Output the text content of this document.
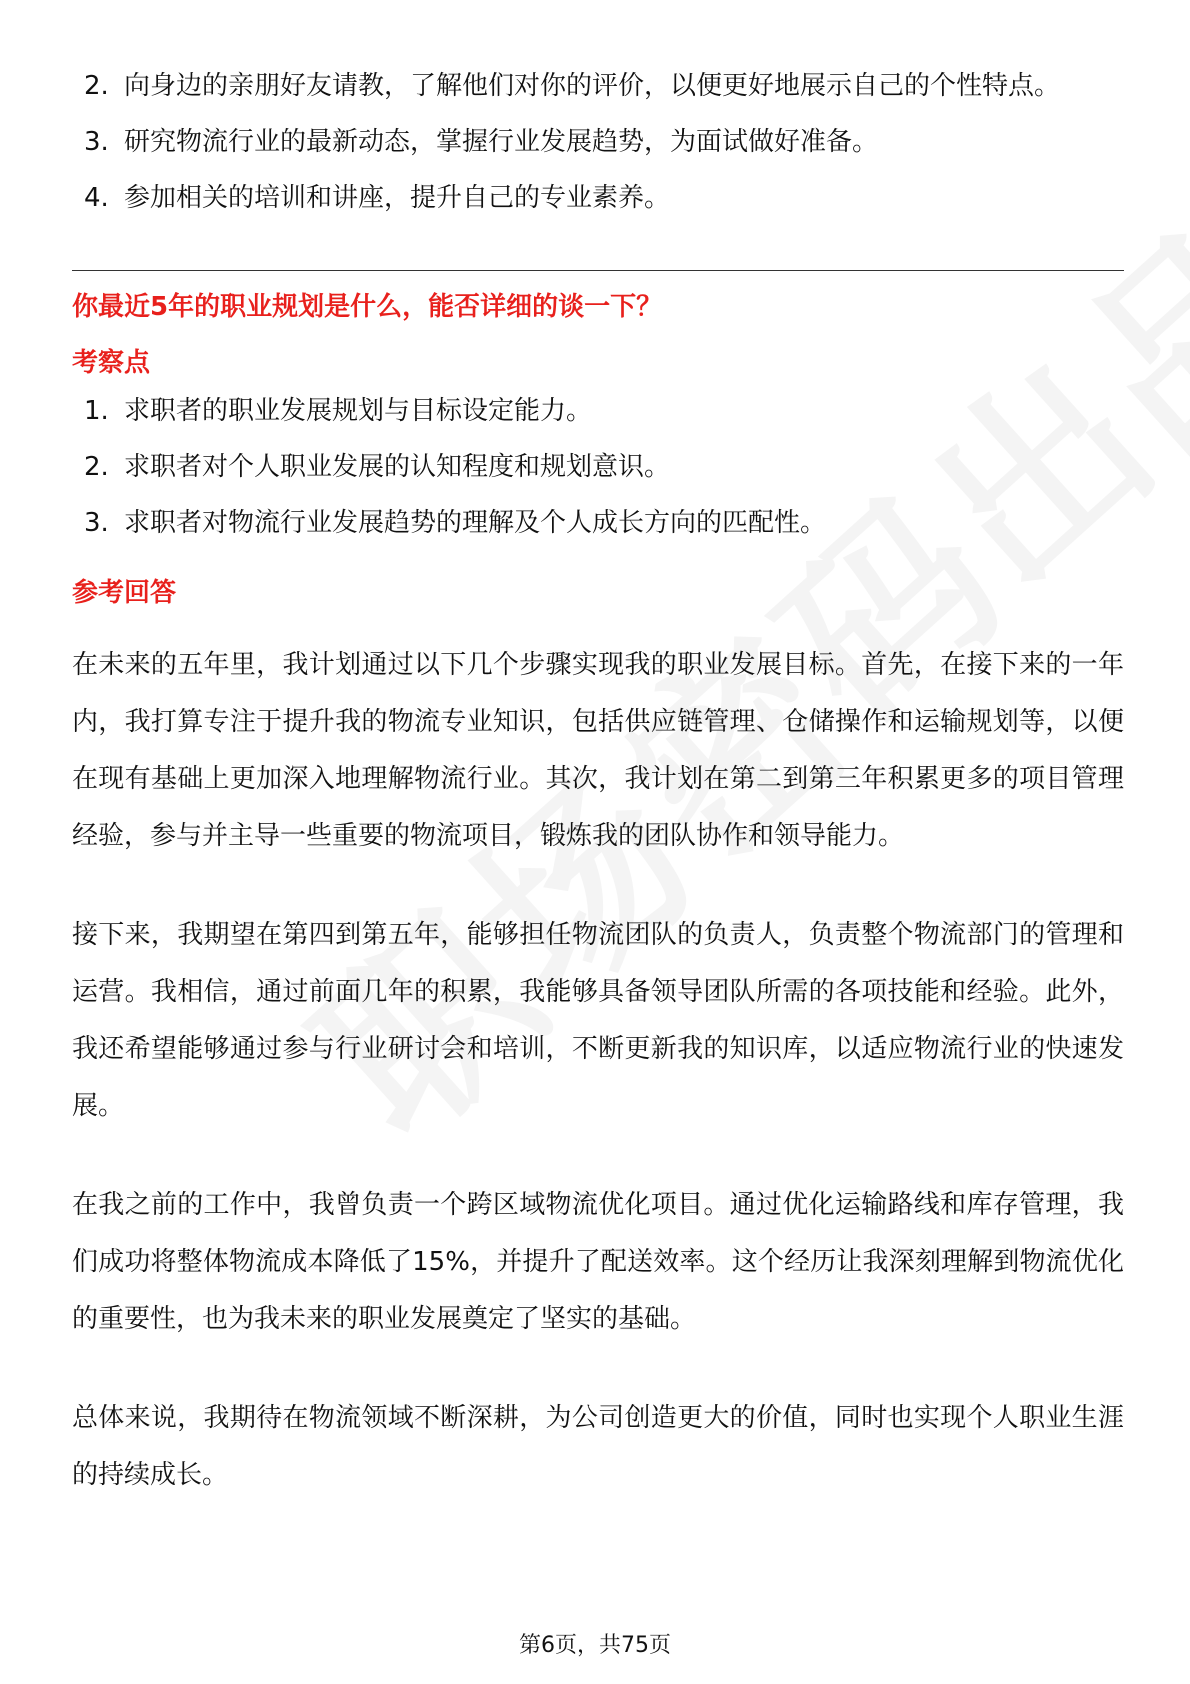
2. 向身边的亲朋好友请教，了解他们对你的评价，以便更好地展示自己的个性特点。
3. 研究物流行业的最新动态，掌握行业发展趋势，为面试做好准备。
4. 参加相关的培训和讲座，提升自己的专业素养。
你最近5年的职业规划是什么，能否详细的谈一下？
考察点
1. 求职者的职业发展规划与目标设定能力。
2. 求职者对个人职业发展的认知程度和规划意识。
3. 求职者对物流行业发展趋势的理解及个人成长方向的匹配性。
参考回答

在未来的五年里，我计划通过以下几个步骤实现我的职业发展目标。首先，在接下来的一年内，我打算专注于提升我的物流专业知识，包括供应链管理、仓储操作和运输规划等，以便在现有基础上更加深入地理解物流行业。其次，我计划在第二到第三年积累更多的项目管理经验，参与并主导一些重要的物流项目，锻炼我的团队协作和领导能力。

接下来，我期望在第四到第五年，能够担任物流团队的负责人，负责整个物流部门的管理和运营。我相信，通过前面几年的积累，我能够具备领导团队所需的各项技能和经验。此外，我还希望能够通过参与行业研讨会和培训，不断更新我的知识库，以适应物流行业的快速发展。

在我之前的工作中，我曾负责一个跨区域物流优化项目。通过优化运输路线和库存管理，我们成功将整体物流成本降低了15%，并提升了配送效率。这个经历让我深刻理解到物流优化的重要性，也为我未来的职业发展奠定了坚实的基础。

总体来说，我期待在物流领域不断深耕，为公司创造更大的价值，同时也实现个人职业生涯的持续成长。

第6页，共75页
